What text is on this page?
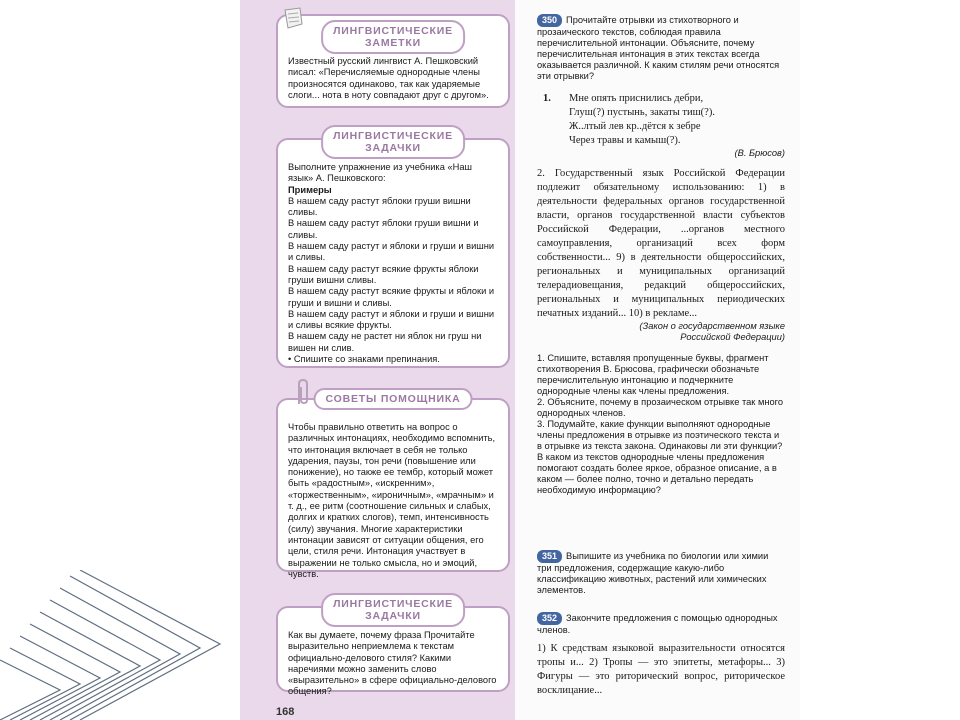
ЛИНГВИСТИЧЕСКИЕ
ЗАМЕТКИ

Известный русский лингвист А. Пешковский писал: «Перечисляемые однородные члены произносятся одинаково, так как ударяемые слоги... нота в ноту совпадают друг с другом».

Выполните упражнение из учебника «Наш язык» А. Пешковского:

Примеры

В нашем саду растут яблоки груши вишни сливы.

В нашем саду растут яблоки груши вишни и сливы.

В нашем саду растут и яблоки и груши и вишни и сливы.

В нашем саду растут всякие фрукты яблоки груши вишни сливы.

В нашем саду растут всякие фрукты и яблоки и груши и вишни и сливы.

В нашем саду растут и яблоки и груши и вишни и сливы всякие фрукты.

В нашем саду не растет ни яблок ни груш ни вишен ни слив.

• Спишите со знаками препинания.

ЛИНГВИСТИЧЕСКИЕ
ЗАДАЧКИ

Чтобы правильно ответить на вопрос о различных интонациях, необходимо вспомнить, что интонация включает в себя не только ударения, паузы, тон речи (повышение или понижение), но также ее тембр, который может быть «радостным», «искренним», «торжественным», «ироничным», «мрачным» и т. д., ее ритм (соотношение сильных и слабых, долгих и кратких слогов), темп, интенсивность (силу) звучания. Многие характеристики интонации зависят от ситуации общения, его цели, стиля речи. Интонация участвует в выражении не только смысла, но и эмоций, чувств.

СОВЕТЫ ПОМОЩНИКА

Как вы думаете, почему фраза Прочитайте выразительно неприемлема к текстам официально-делового стиля? Какими наречиями можно заменить слово «выразительно» в сфере официально-делового общения?

ЛИНГВИСТИЧЕСКИЕ
ЗАДАЧКИ

350 Прочитайте отрывки из стихотворного и прозаического текстов, соблюдая правила перечислительной интонации. Объясните, почему перечислительная интонация в этих текстах всегда оказывается различной. К каким стилям речи относятся эти отрывки?

1.	Мне опять приснились дебри,
Глуш(?) пустынь, закаты тиш(?).
Ж..лтый лев кр..дётся к зебре
Через травы и камыш(?).
(В. Брюсов)

2. Государственный язык Российской Федерации подлежит обязательному использованию: 1) в деятельности федеральных органов государственной власти, органов государственной власти субъектов Российской Федерации, ...органов местного самоуправления, организаций всех форм собственности... 9) в деятельности общероссийских, региональных и муниципальных организаций телерадиовещания, редакций общероссийских, региональных и муниципальных периодических печатных изданий... 10) в рекламе...

(Закон о государственном языке Российской Федерации)

1. Спишите, вставляя пропущенные буквы, фрагмент стихотворения В. Брюсова, графически обозначьте перечислительную интонацию и подчеркните однородные члены как члены предложения.

2. Объясните, почему в прозаическом отрывке так много однородных членов.

3. Подумайте, какие функции выполняют однородные члены предложения в отрывке из поэтического текста и в отрывке из текста закона. Одинаковы ли эти функции? В каком из текстов однородные члены предложения помогают создать более яркое, образное описание, а в каком — более полно, точно и детально передать необходимую информацию?

351 Выпишите из учебника по биологии или химии три предложения, содержащие какую-либо классификацию животных, растений или химических элементов.

352 Закончите предложения с помощью однородных членов.

1) К средствам языковой выразительности относятся тропы и... 2) Тропы — это эпитеты, метафоры... 3) Фигуры — это риторический вопрос, риторическое восклицание...

168
